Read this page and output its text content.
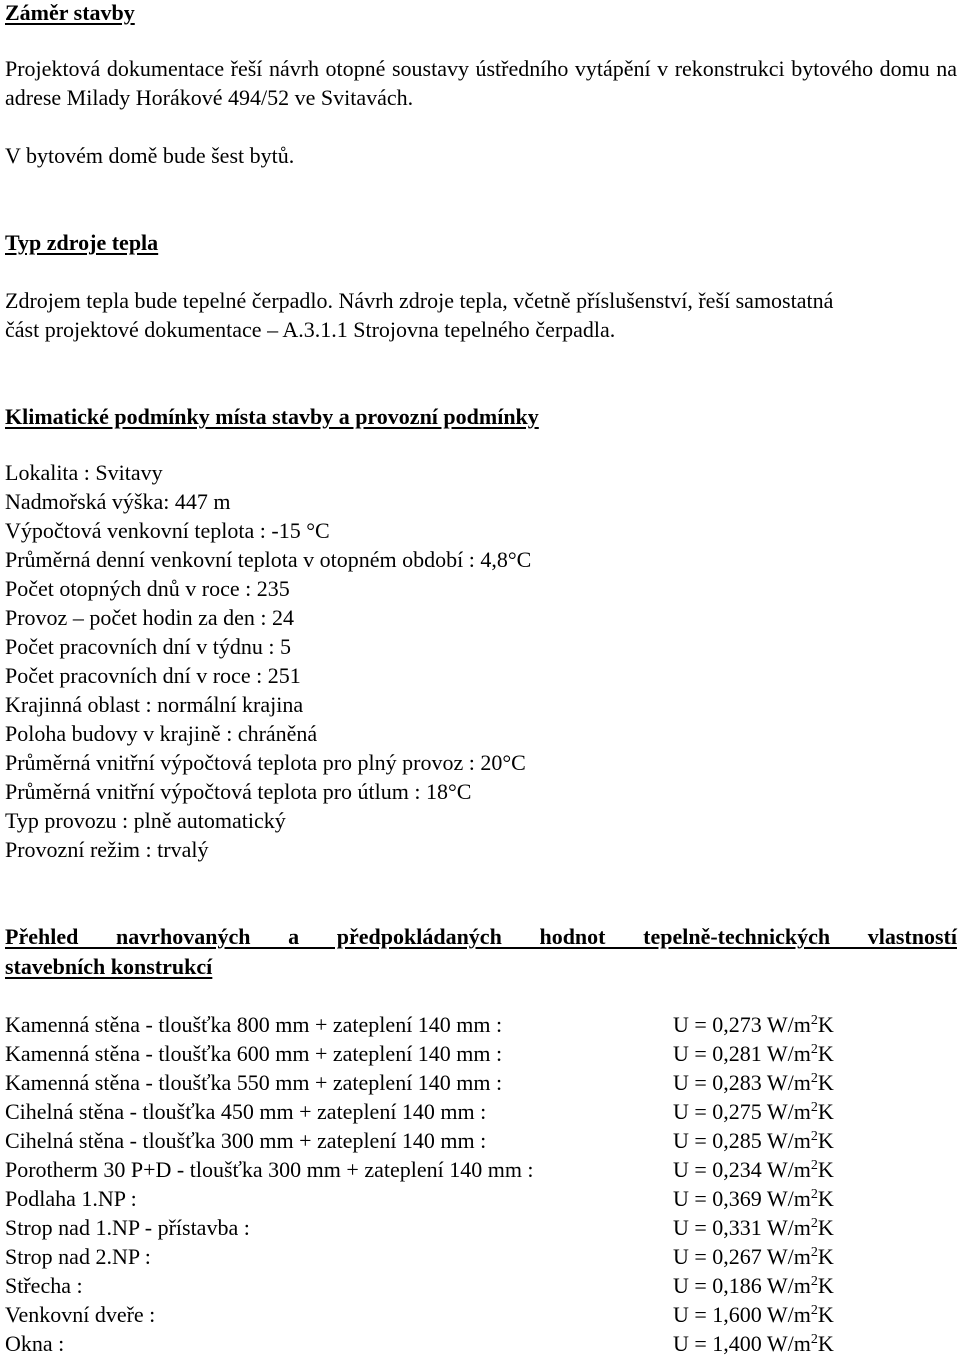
Záměr stavby
Projektová dokumentace řeší návrh otopné soustavy ústředního vytápění v rekonstrukci bytového domu na adrese Milady Horákové 494/52 ve Svitavách.
V bytovém domě bude šest bytů.
Typ zdroje tepla
Zdrojem tepla bude tepelné čerpadlo. Návrh zdroje tepla, včetně příslušenství, řeší samostatná část projektové dokumentace – A.3.1.1 Strojovna tepelného čerpadla.
Klimatické podmínky místa stavby a provozní podmínky
Lokalita : Svitavy
Nadmořská výška: 447 m
Výpočtová venkovní teplota : -15 °C
Průměrná denní venkovní teplota v otopném období : 4,8°C
Počet otopných dnů v roce : 235
Provoz – počet hodin za den : 24
Počet pracovních dní v týdnu : 5
Počet pracovních dní v roce : 251
Krajinná oblast : normální krajina
Poloha budovy v krajině : chráněná
Průměrná vnitřní výpočtová teplota pro plný provoz : 20°C
Průměrná vnitřní výpočtová teplota pro útlum : 18°C
Typ provozu : plně automatický
Provozní režim : trvalý
Přehled navrhovaných a předpokládaných hodnot tepelně-technických vlastností
stavebních konstrukcí
Kamenná stěna - tloušťka 800 mm + zateplení 140 mm :	U = 0,273 $W/m^2K$
Kamenná stěna - tloušťka 600 mm + zateplení 140 mm :	U = 0,281 $W/m^2K$
Kamenná stěna - tloušťka 550 mm + zateplení 140 mm :	U = 0,283 $W/m^2K$
Cihelná stěna - tloušťka 450 mm + zateplení 140 mm :	U = 0,275 $W/m^2K$
Cihelná stěna - tloušťka 300 mm + zateplení 140 mm :	U = 0,285 $W/m^2K$
Porotherm 30 P+D - tloušťka 300 mm + zateplení 140 mm :	U = 0,234 $W/m^2K$
Podlaha 1.NP :	U = 0,369 $W/m^2K$
Strop nad 1.NP - přístavba :	U = 0,331 $W/m^2K$
Strop nad 2.NP :	U = 0,267 $W/m^2K$
Střecha :	U = 0,186 $W/m^2K$
Venkovní dveře :	U = 1,600 $W/m^2K$
Okna :	U = 1,400 $W/m^2K$
